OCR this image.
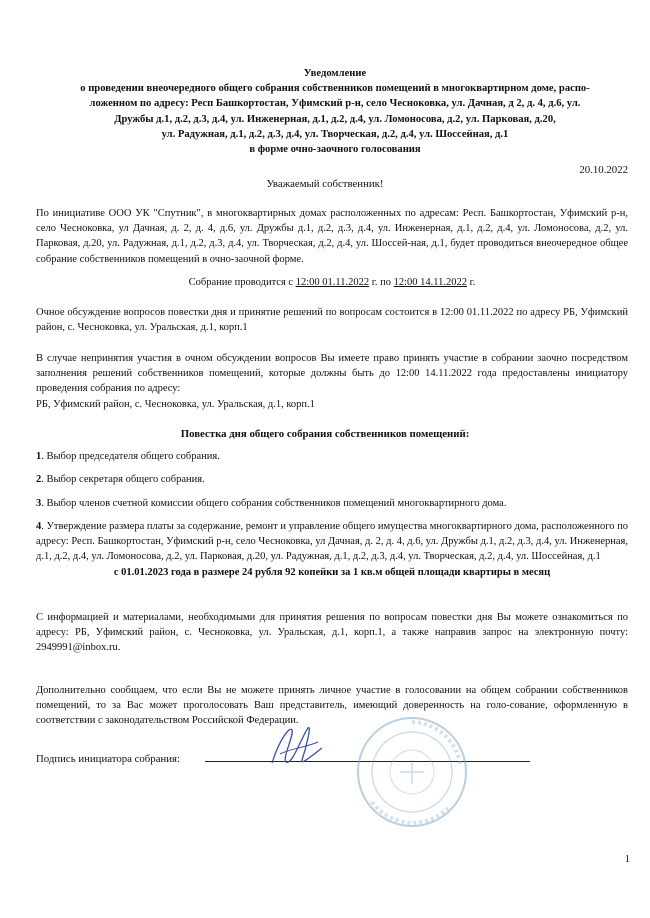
Уведомление
о проведении внеочередного общего собрания собственников помещений в многоквартирном доме, распо-
ложенном по адресу: Респ Башкортостан, Уфимский р-н, село Чесноковка, ул. Дачная, д 2, д. 4, д.6, ул.
Дружбы д.1, д.2, д.3, д.4, ул. Инженерная, д.1, д.2, д.4, ул. Ломоносова, д.2, ул. Парковая, д.20,
ул. Радужная, д.1, д.2, д.3, д.4, ул. Творческая, д.2, д.4, ул. Шоссейная, д.1
в форме очно-заочного голосования
20.10.2022
Уважаемый собственник!
По инициативе ООО УК "Спутник", в многоквартирных домах расположенных по адресам: Респ. Башкортостан, Уфимский р-н, село Чесноковка, ул Дачная, д. 2, д. 4, д.6, ул. Дружбы д.1, д.2, д.3, д.4, ул. Инженерная, д.1, д.2, д.4, ул. Ломоносова, д.2, ул. Парковая, д.20, ул. Радужная, д.1, д.2, д.3, д.4, ул. Творческая, д.2, д.4, ул. Шоссей-ная, д.1, будет проводиться внеочередное общее собрание собственников помещений в очно-заочной форме.
Собрание проводится с 12:00 01.11.2022 г. по 12:00 14.11.2022 г.
Очное обсуждение вопросов повестки дня и принятие решений по вопросам состоится в 12:00 01.11.2022 по адресу РБ, Уфимский район, с. Чесноковка, ул. Уральская, д.1, корп.1
В случае непринятия участия в очном обсуждении вопросов Вы имеете право принять участие в собрании заочно посредством заполнения решений собственников помещений, которые должны быть до 12:00 14.11.2022 года предоставлены инициатору проведения собрания по адресу:
РБ, Уфимский район, с. Чесноковка, ул. Уральская, д.1, корп.1
Повестка дня общего собрания собственников помещений:
1. Выбор председателя общего собрания.
2. Выбор секретаря общего собрания.
3. Выбор членов счетной комиссии общего собрания собственников помещений многоквартирного дома.
4. Утверждение размера платы за содержание, ремонт и управление общего имущества многоквартирного дома, расположенного по адресу: Респ. Башкортостан, Уфимский р-н, село Чесноковка, ул Дачная, д. 2, д. 4, д.6, ул. Дружбы д.1, д.2, д.3, д.4, ул. Инженерная, д.1, д.2, д.4, ул. Ломоносова, д.2, ул. Парковая, д.20, ул. Радужная, д.1, д.2, д.3, д.4, ул. Творческая, д.2, д.4, ул. Шоссейная, д.1
с 01.01.2023 года в размере 24 рубля 92 копейки за 1 кв.м общей площади квартиры в месяц
С информацией и материалами, необходимыми для принятия решения по вопросам повестки дня Вы можете ознакомиться по адресу: РБ, Уфимский район, с. Чесноковка, ул. Уральская, д.1, корп.1, а также направив запрос на электронную почту: 2949991@inbox.ru.
Дополнительно сообщаем, что если Вы не можете принять личное участие в голосовании на общем собрании собственников помещений, то за Вас может проголосовать Ваш представитель, имеющий доверенность на голо-сование, оформленную в соответствии с законодательством Российской Федерации.
Подпись инициатора собрания:
1
